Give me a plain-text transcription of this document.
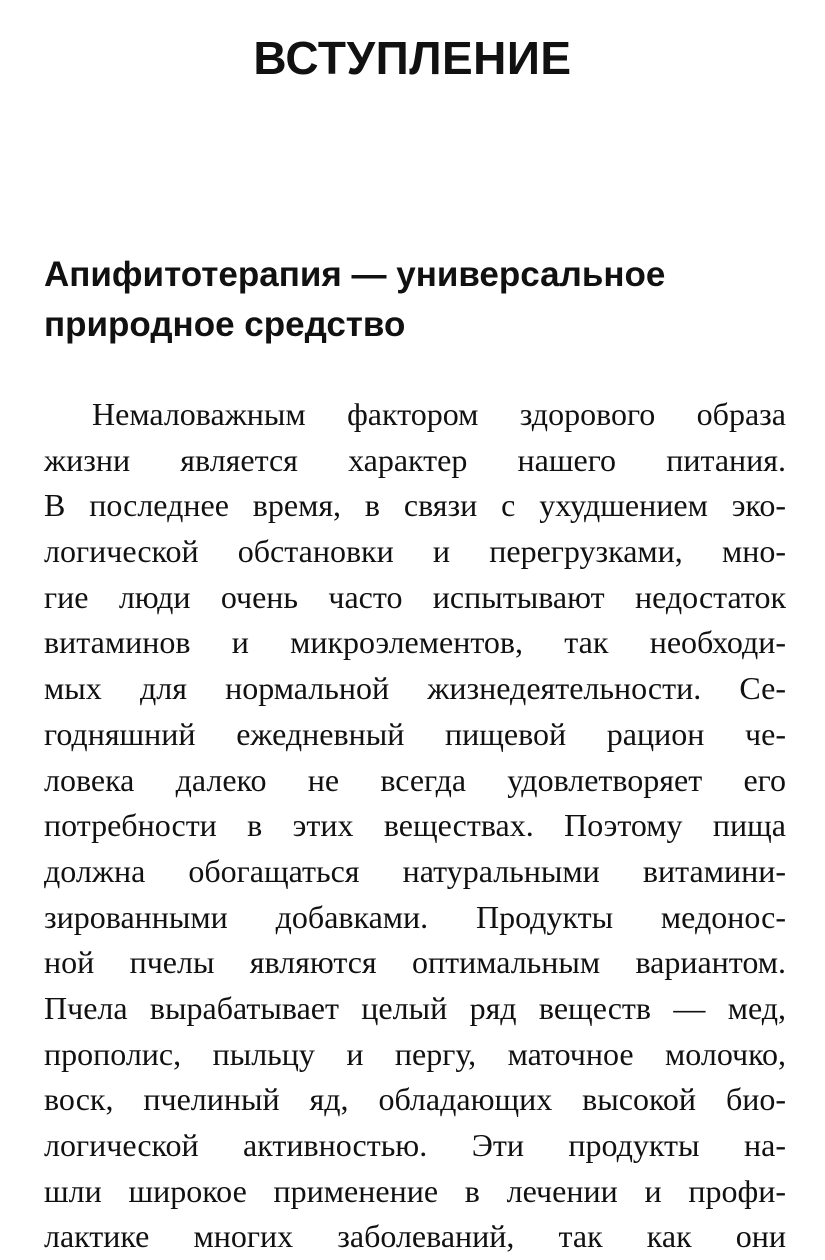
ВСТУПЛЕНИЕ
Апифитотерапия — универсальное
природное средство
Немаловажным фактором здорового образа
жизни является характер нашего питания.
В последнее время, в связи с ухудшением эко-
логической обстановки и перегрузками, мно-
гие люди очень часто испытывают недостаток
витаминов и микроэлементов, так необходи-
мых для нормальной жизнедеятельности. Се-
годняшний ежедневный пищевой рацион че-
ловека далеко не всегда удовлетворяет его
потребности в этих веществах. Поэтому пища
должна обогащаться натуральными витамини-
зированными добавками. Продукты медонос-
ной пчелы являются оптимальным вариантом.
Пчела вырабатывает целый ряд веществ — мед,
прополис, пыльцу и пергу, маточное молочко,
воск, пчелиный яд, обладающих высокой био-
логической активностью. Эти продукты на-
шли широкое применение в лечении и профи-
лактике многих заболеваний, так как они
